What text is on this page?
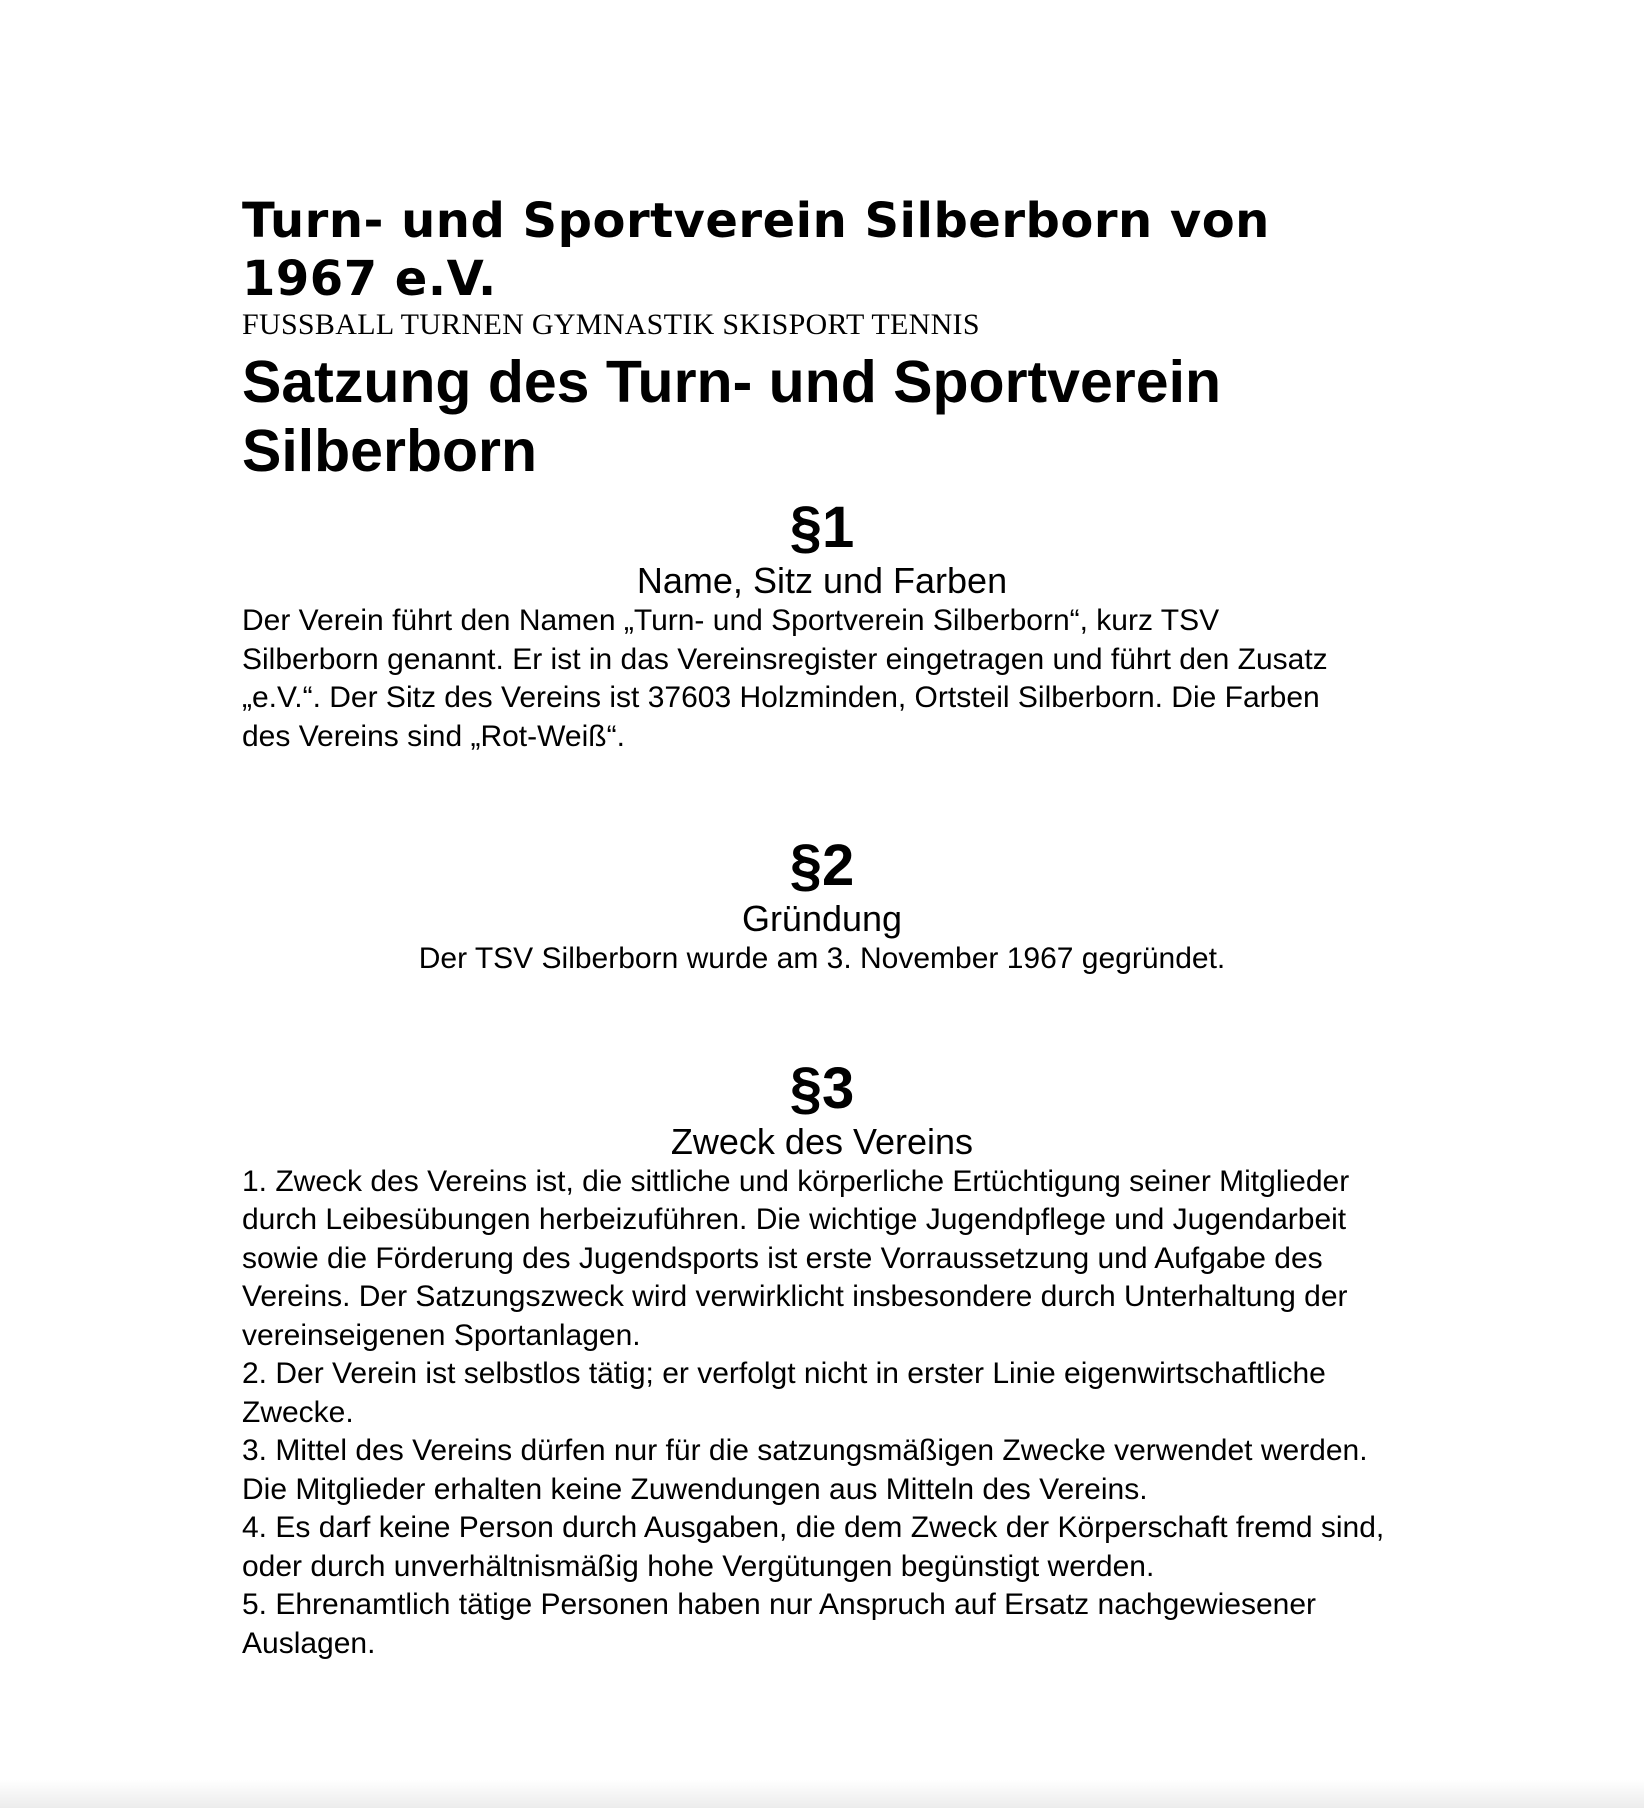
Turn- und Sportverein Silberborn von 1967 e.V.

FUSSBALL TURNEN GYMNASTIK SKISPORT TENNIS

Satzung des Turn- und Sportverein Silberborn
§1
Name, Sitz und Farben

Der Verein führt den Namen „Turn- und Sportverein Silberborn“, kurz TSV Silberborn genannt. Er ist in das Vereinsregister eingetragen und führt den Zusatz „e.V.“. Der Sitz des Vereins ist 37603 Holzminden, Ortsteil Silberborn. Die Farben des Vereins sind „Rot-Weiß“.

§2
Gründung

Der TSV Silberborn wurde am 3. November 1967 gegründet.

§3
Zweck des Vereins

1. Zweck des Vereins ist, die sittliche und körperliche Ertüchtigung seiner Mitglieder durch Leibesübungen herbeizuführen. Die wichtige Jugendpflege und Jugendarbeit sowie die Förderung des Jugendsports ist erste Vorraussetzung und Aufgabe des Vereins. Der Satzungszweck wird verwirklicht insbesondere durch Unterhaltung der vereinseigenen Sportanlagen.

2. Der Verein ist selbstlos tätig; er verfolgt nicht in erster Linie eigenwirtschaftliche Zwecke.

3. Mittel des Vereins dürfen nur für die satzungsmäßigen Zwecke verwendet werden. Die Mitglieder erhalten keine Zuwendungen aus Mitteln des Vereins.

4. Es darf keine Person durch Ausgaben, die dem Zweck der Körperschaft fremd sind, oder durch unverhältnismäßig hohe Vergütungen begünstigt werden.

5. Ehrenamtlich tätige Personen haben nur Anspruch auf Ersatz nachgewiesener Auslagen.
